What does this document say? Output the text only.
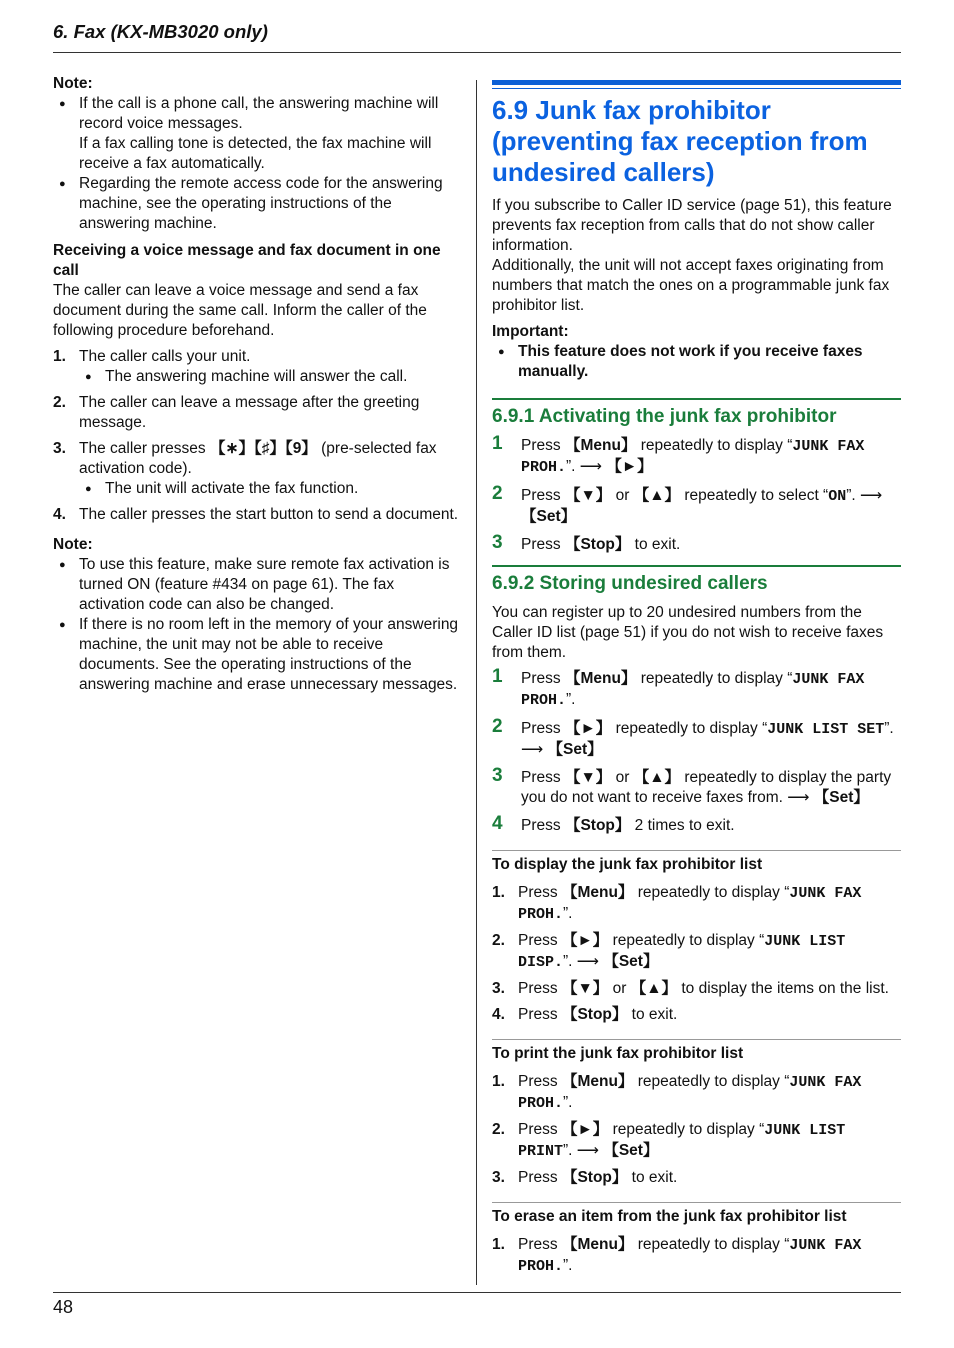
6. Fax (KX-MB3020 only)

Note:

● If the call is a phone call, the answering machine will record voice messages.
If a fax calling tone is detected, the fax machine will receive a fax automatically.
● Regarding the remote access code for the answering machine, see the operating instructions of the answering machine.

Receiving a voice message and fax document in one call

The caller can leave a voice message and send a fax document during the same call. Inform the caller of the following procedure beforehand.

1. The caller calls your unit.
● The answering machine will answer the call.
2. The caller can leave a message after the greeting message.
3. The caller presses 【∗】【♯】【9】 (pre-selected fax activation code).
● The unit will activate the fax function.
4. The caller presses the start button to send a document.

Note:

● To use this feature, make sure remote fax activation is turned ON (feature #434 on page 61). The fax activation code can also be changed.
● If there is no room left in the memory of your answering machine, the unit may not be able to receive documents. See the operating instructions of the answering machine and erase unnecessary messages.
6.9 Junk fax prohibitor (preventing fax reception from undesired callers)

If you subscribe to Caller ID service (page 51), this feature prevents fax reception from calls that do not show caller information.

Additionally, the unit will not accept faxes originating from numbers that match the ones on a programmable junk fax prohibitor list.

Important:

● This feature does not work if you receive faxes manually.
6.9.1 Activating the junk fax prohibitor
1 Press 【Menu】 repeatedly to display “JUNK FAX PROH.”. ⟶ 【►】
2 Press 【▼】 or 【▲】 repeatedly to select “ON”. ⟶ 【Set】
3 Press 【Stop】 to exit.
6.9.2 Storing undesired callers

You can register up to 20 undesired numbers from the Caller ID list (page 51) if you do not wish to receive faxes from them.

1 Press 【Menu】 repeatedly to display “JUNK FAX PROH.”.
2 Press 【►】 repeatedly to display “JUNK LIST SET”. ⟶ 【Set】
3 Press 【▼】 or 【▲】 repeatedly to display the party you do not want to receive faxes from. ⟶ 【Set】
4 Press 【Stop】 2 times to exit.
To display the junk fax prohibitor list
1. Press 【Menu】 repeatedly to display “JUNK FAX PROH.”.
2. Press 【►】 repeatedly to display “JUNK LIST DISP.”. ⟶ 【Set】
3. Press 【▼】 or 【▲】 to display the items on the list.
4. Press 【Stop】 to exit.
To print the junk fax prohibitor list
1. Press 【Menu】 repeatedly to display “JUNK FAX PROH.”.
2. Press 【►】 repeatedly to display “JUNK LIST PRINT”. ⟶ 【Set】
3. Press 【Stop】 to exit.
To erase an item from the junk fax prohibitor list
1. Press 【Menu】 repeatedly to display “JUNK FAX PROH.”.
48
